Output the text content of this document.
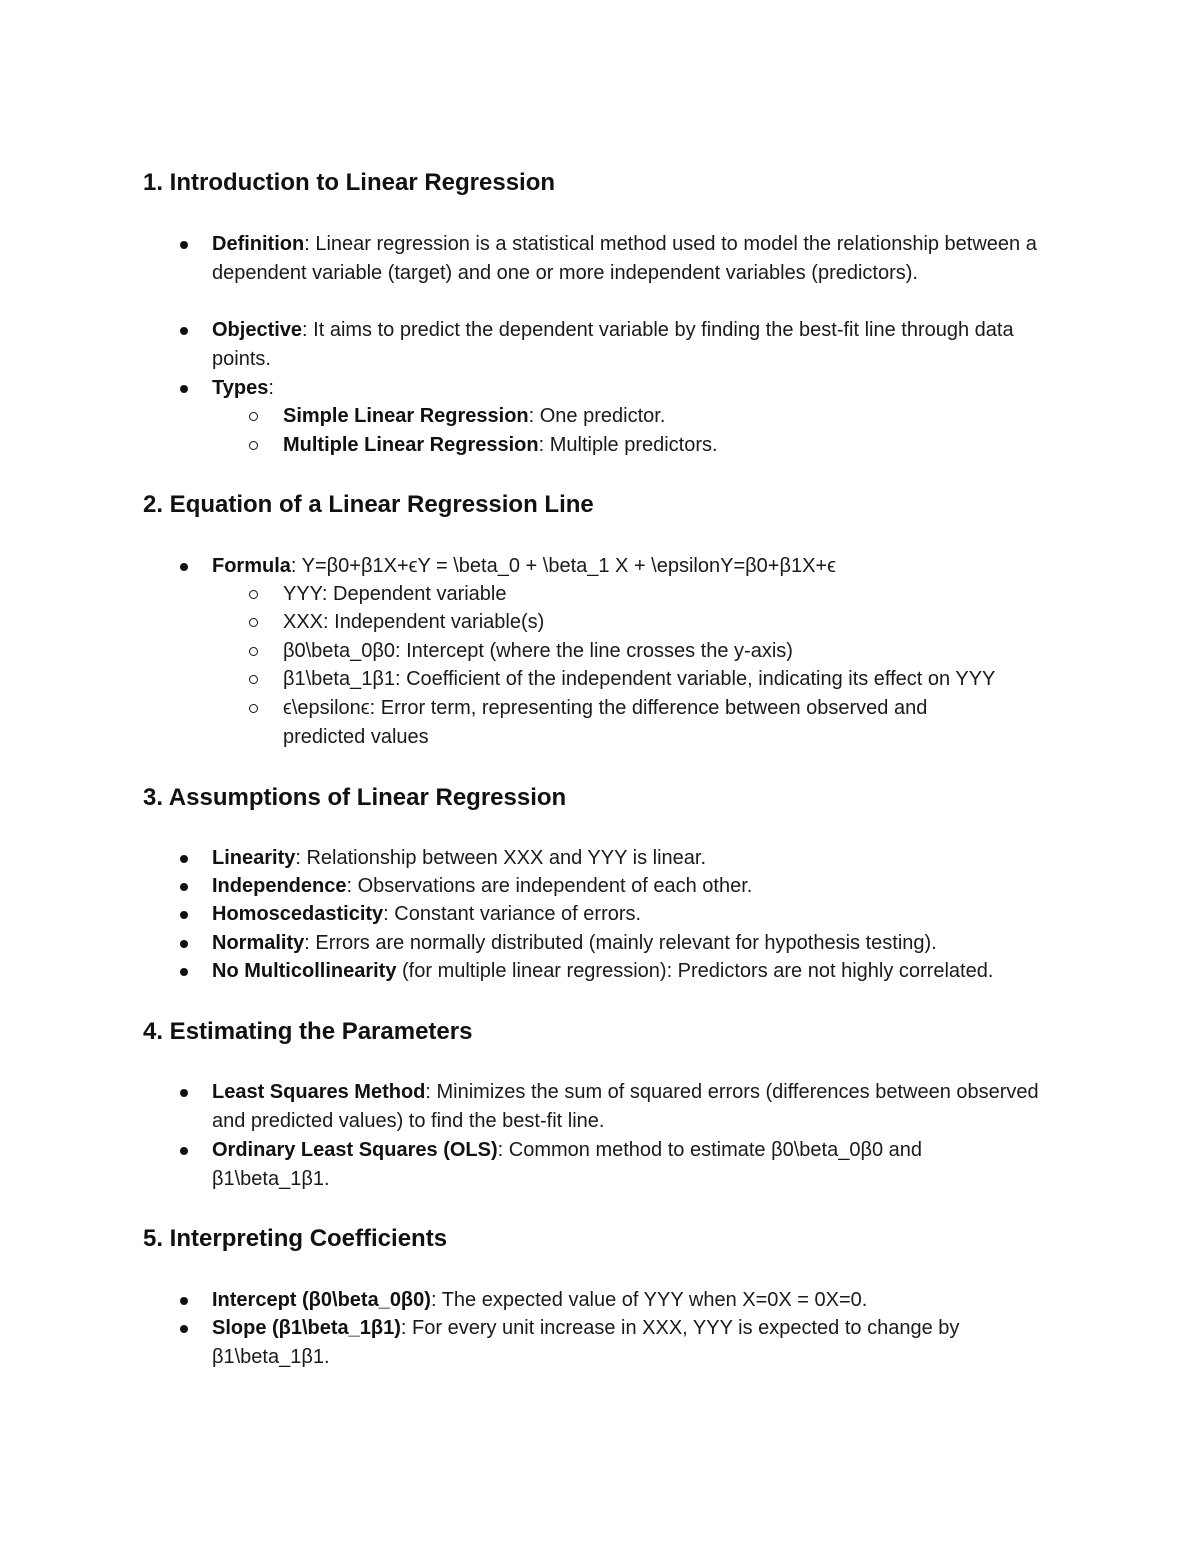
1. Introduction to Linear Regression
Definition: Linear regression is a statistical method used to model the relationship between a dependent variable (target) and one or more independent variables (predictors).
Objective: It aims to predict the dependent variable by finding the best-fit line through data points.
Types:
Simple Linear Regression: One predictor.
Multiple Linear Regression: Multiple predictors.
2. Equation of a Linear Regression Line
Formula: Y=β0+β1X+ϵY = \beta_0 + \beta_1 X + \epsilonY=β0+β1X+ϵ
YYY: Dependent variable
XXX: Independent variable(s)
β0\beta_0β0: Intercept (where the line crosses the y-axis)
β1\beta_1β1: Coefficient of the independent variable, indicating its effect on YYY
ϵ\epsilonϵ: Error term, representing the difference between observed and predicted values
3. Assumptions of Linear Regression
Linearity: Relationship between XXX and YYY is linear.
Independence: Observations are independent of each other.
Homoscedasticity: Constant variance of errors.
Normality: Errors are normally distributed (mainly relevant for hypothesis testing).
No Multicollinearity (for multiple linear regression): Predictors are not highly correlated.
4. Estimating the Parameters
Least Squares Method: Minimizes the sum of squared errors (differences between observed and predicted values) to find the best-fit line.
Ordinary Least Squares (OLS): Common method to estimate β0\beta_0β0 and β1\beta_1β1.
5. Interpreting Coefficients
Intercept (β0\beta_0β0): The expected value of YYY when X=0X = 0X=0.
Slope (β1\beta_1β1): For every unit increase in XXX, YYY is expected to change by β1\beta_1β1.
